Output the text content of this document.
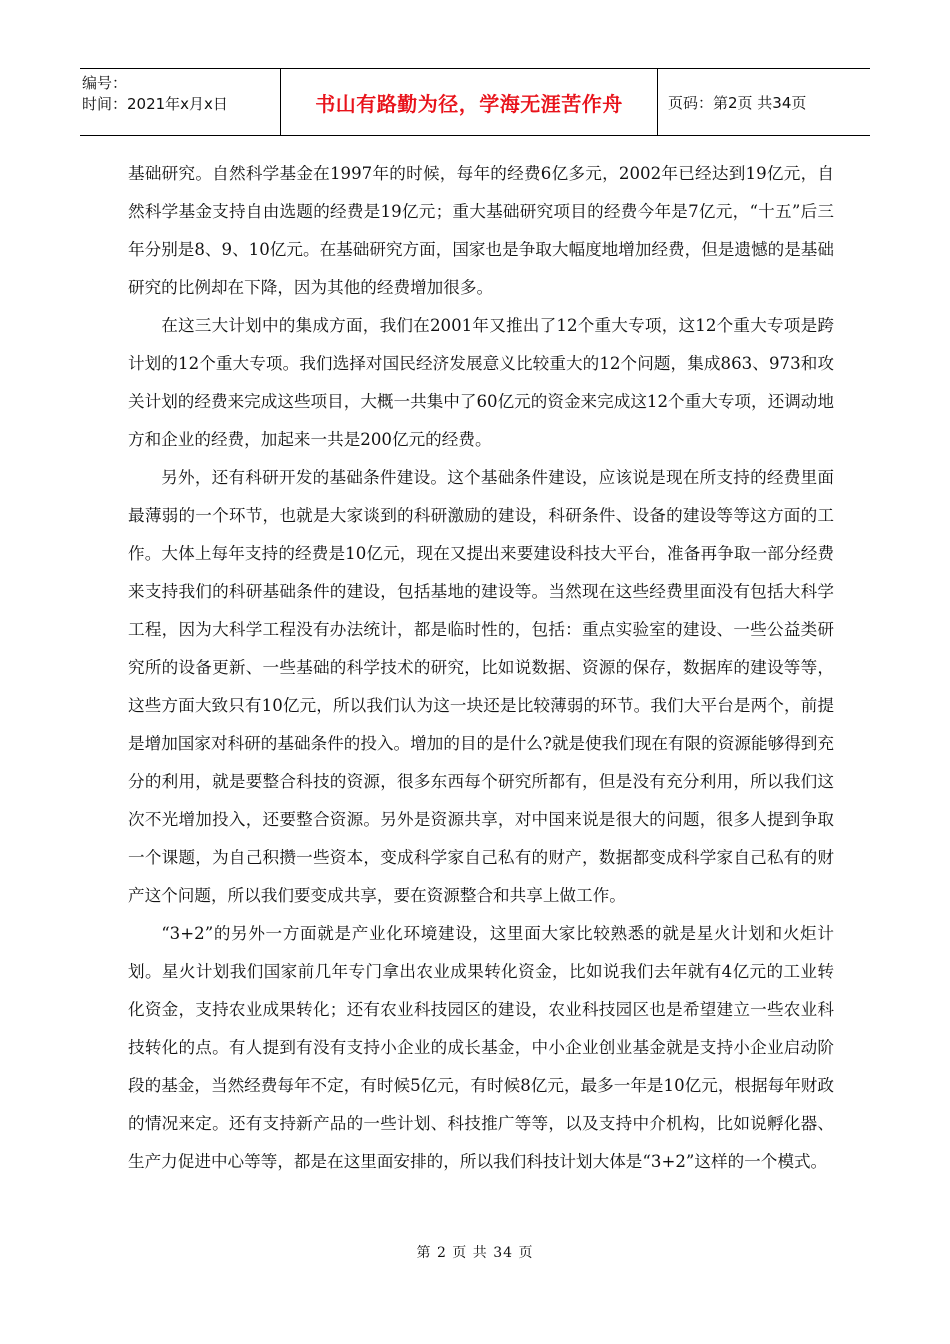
编号：
时间：2021年x月x日	书山有路勤为径，学海无涯苦作舟	页码：第2页 共34页

基础研究。自然科学基金在1997年的时候，每年的经费6亿多元，2002年已经达到19亿元，自然科学基金支持自由选题的经费是19亿元；重大基础研究项目的经费今年是7亿元，“十五”后三年分别是8、9、10亿元。在基础研究方面，国家也是争取大幅度地增加经费，但是遗憾的是基础研究的比例却在下降，因为其他的经费增加很多。

在这三大计划中的集成方面，我们在2001年又推出了12个重大专项，这12个重大专项是跨计划的12个重大专项。我们选择对国民经济发展意义比较重大的12个问题，集成863、973和攻关计划的经费来完成这些项目，大概一共集中了60亿元的资金来完成这12个重大专项，还调动地方和企业的经费，加起来一共是200亿元的经费。

另外，还有科研开发的基础条件建设。这个基础条件建设，应该说是现在所支持的经费里面最薄弱的一个环节，也就是大家谈到的科研激励的建设，科研条件、设备的建设等等这方面的工作。大体上每年支持的经费是10亿元，现在又提出来要建设科技大平台，准备再争取一部分经费来支持我们的科研基础条件的建设，包括基地的建设等。当然现在这些经费里面没有包括大科学工程，因为大科学工程没有办法统计，都是临时性的，包括：重点实验室的建设、一些公益类研究所的设备更新、一些基础的科学技术的研究，比如说数据、资源的保存，数据库的建设等等，这些方面大致只有10亿元，所以我们认为这一块还是比较薄弱的环节。我们大平台是两个，前提是增加国家对科研的基础条件的投入。增加的目的是什么?就是使我们现在有限的资源能够得到充分的利用，就是要整合科技的资源，很多东西每个研究所都有，但是没有充分利用，所以我们这次不光增加投入，还要整合资源。另外是资源共享，对中国来说是很大的问题，很多人提到争取一个课题，为自己积攒一些资本，变成科学家自己私有的财产，数据都变成科学家自己私有的财产这个问题，所以我们要变成共享，要在资源整合和共享上做工作。

“3+2”的另外一方面就是产业化环境建设，这里面大家比较熟悉的就是星火计划和火炬计划。星火计划我们国家前几年专门拿出农业成果转化资金，比如说我们去年就有4亿元的工业转化资金，支持农业成果转化；还有农业科技园区的建设，农业科技园区也是希望建立一些农业科技转化的点。有人提到有没有支持小企业的成长基金，中小企业创业基金就是支持小企业启动阶段的基金，当然经费每年不定，有时候5亿元，有时候8亿元，最多一年是10亿元，根据每年财政的情况来定。还有支持新产品的一些计划、科技推广等等，以及支持中介机构，比如说孵化器、生产力促进中心等等，都是在这里面安排的，所以我们科技计划大体是“3+2”这样的一个模式。

第 2 页 共 34 页
